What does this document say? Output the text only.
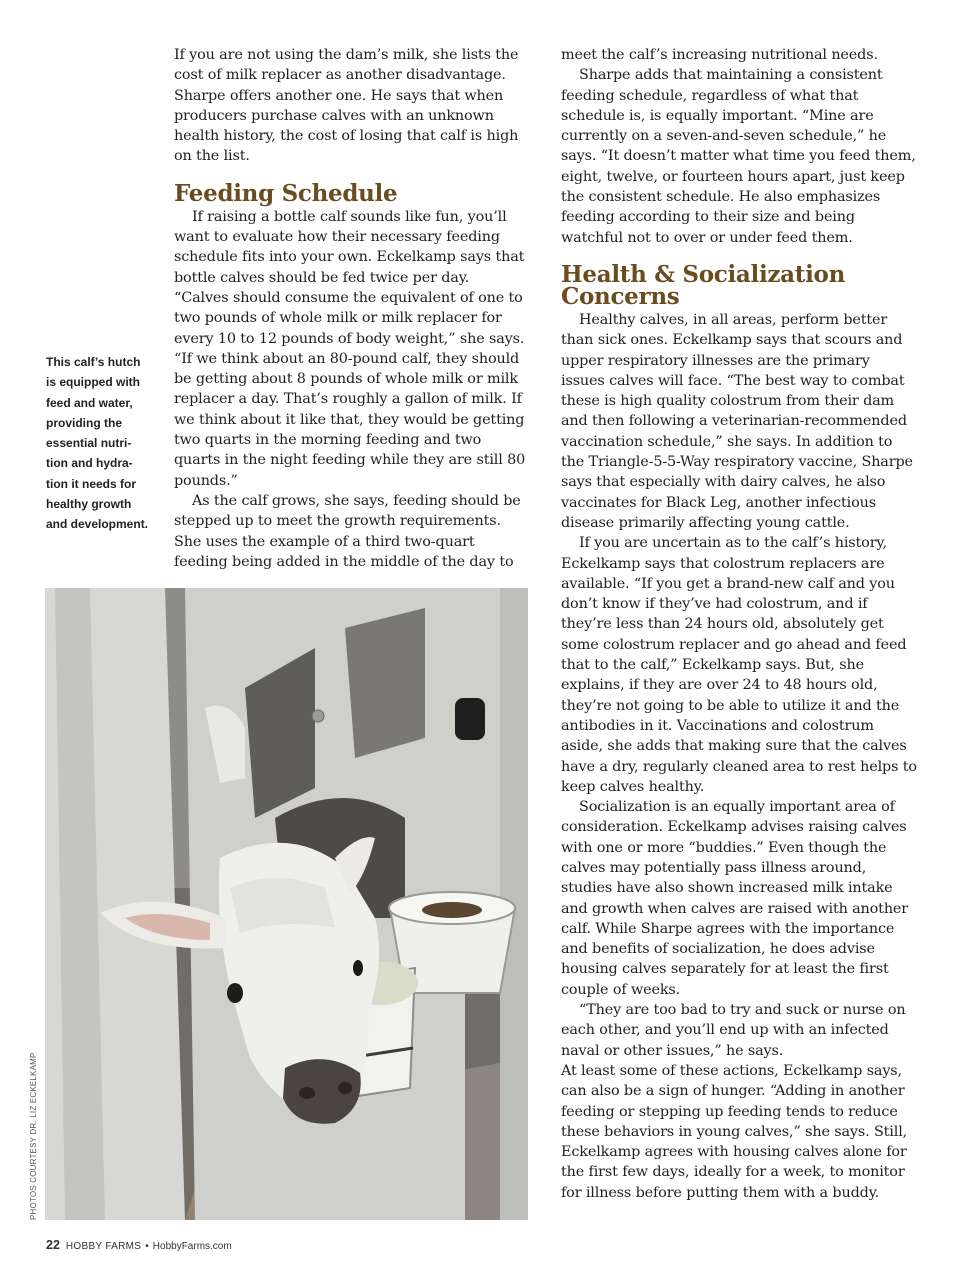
If you are not using the dam’s milk, she lists the cost of milk replacer as another disadvantage. Sharpe offers another one. He says that when producers purchase calves with an unknown health history, the cost of losing that calf is high on the list.

Feeding Schedule

If raising a bottle calf sounds like fun, you’ll want to evaluate how their necessary feeding schedule fits into your own. Eckelkamp says that bottle calves should be fed twice per day. “Calves should consume the equivalent of one to two pounds of whole milk or milk replacer for every 10 to 12 pounds of body weight,” she says. “If we think about an 80-pound calf, they should be getting about 8 pounds of whole milk or milk replacer a day. That’s roughly a gallon of milk. If we think about it like that, they would be getting two quarts in the morning feeding and two quarts in the night feeding while they are still 80 pounds.”

As the calf grows, she says, feeding should be stepped up to meet the growth requirements. She uses the example of a third two-quart feeding being added in the middle of the day to

meet the calf’s increasing nutritional needs.

Sharpe adds that maintaining a consistent feeding schedule, regardless of what that schedule is, is equally important. “Mine are currently on a seven-and-seven schedule,” he says. “It doesn’t matter what time you feed them, eight, twelve, or fourteen hours apart, just keep the consistent schedule. He also emphasizes feeding according to their size and being watchful not to over or under feed them.

Health & Socialization Concerns

Healthy calves, in all areas, perform better than sick ones. Eckelkamp says that scours and upper respiratory illnesses are the primary issues calves will face. “The best way to combat these is high quality colostrum from their dam and then following a veterinarian-recommended vaccination schedule,” she says. In addition to the Triangle-5-5-Way respiratory vaccine, Sharpe says that especially with dairy calves, he also vaccinates for Black Leg, another infectious disease primarily affecting young cattle.

If you are uncertain as to the calf’s history, Eckelkamp says that colostrum replacers are available. “If you get a brand-new calf and you don’t know if they’ve had colostrum, and if they’re less than 24 hours old, absolutely get some colostrum replacer and go ahead and feed that to the calf,” Eckelkamp says. But, she explains, if they are over 24 to 48 hours old, they’re not going to be able to utilize it and the antibodies in it. Vaccinations and colostrum aside, she adds that making sure that the calves have a dry, regularly cleaned area to rest helps to keep calves healthy.

Socialization is an equally important area of consideration. Eckelkamp advises raising calves with one or more “buddies.” Even though the calves may potentially pass illness around, studies have also shown increased milk intake and growth when calves are raised with another calf. While Sharpe agrees with the importance and benefits of socialization, he does advise housing calves separately for at least the first couple of weeks.

“They are too bad to try and suck or nurse on each other, and you’ll end up with an infected naval or other issues,” he says.

At least some of these actions, Eckelkamp says, can also be a sign of hunger. “Adding in another feeding or stepping up feeding tends to reduce these behaviors in young calves,” she says. Still, Eckelkamp agrees with housing calves alone for the first few days, ideally for a week, to monitor for illness before putting them with a buddy.

This calf’s hutch is equipped with feed and water, providing the essential nutri-tion and hydra-tion it needs for healthy growth and development.

PHOTOS COURTESY DR. LIZ ECKELKAMP
22 HOBBY FARMS • HobbyFarms.com
